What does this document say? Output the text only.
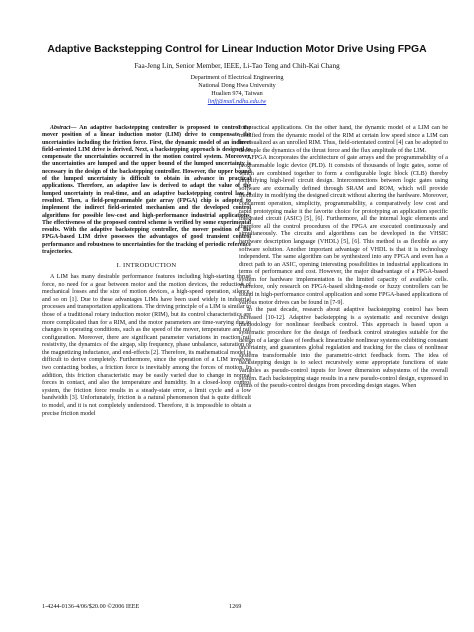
Adaptive Backstepping Control for Linear Induction Motor Drive Using FPGA
Faa-Jeng Lin, Senior Member, IEEE, Li-Tao Teng and Chih-Kai Chang
Department of Electrical Engineering
National Dong Hwa University
Hualien 974, Taiwan
linfj@mail.ndhu.edu.tw

Abstract— An adaptive backstepping controller is proposed to control the mover position of a linear induction motor (LIM) drive to compensate the uncertainties including the friction force. First, the dynamic model of an indirect field-oriented LIM drive is derived. Next, a backstepping approach is designed to compensate the uncertainties occurred in the motion control system. Moreover, the uncertainties are lumped and the upper bound of the lumped uncertainty is necessary in the design of the backstepping controller. However, the upper bound of the lumped uncertainty is difficult to obtain in advance in practical applications. Therefore, an adaptive law is derived to adapt the value of the lumped uncertainty in real-time, and an adaptive backstepping control law is resulted. Then, a field-programmable gate array (FPGA) chip is adopted to implement the indirect field-oriented mechanism and the developed control algorithms for possible low-cost and high-performance industrial applications. The effectiveness of the proposed control scheme is verified by some experimental results. With the adaptive backstepping controller, the mover position of the FPGA-based LIM drive possesses the advantages of good transient control performance and robustness to uncertainties for the tracking of periodic reference trajectories.

I. INTRODUCTION

A LIM has many desirable performance features including high-starting thrust force, no need for a gear between motor and the motion devices, the reduction of mechanical losses and the size of motion devices, a high-speed operation, silence, and so on [1]. Due to these advantages LIMs have been used widely in industrial processes and transportation applications. The driving principle of a LIM is similar to those of a traditional rotary induction motor (RIM), but its control characteristics are more complicated than for a RIM, and the motor parameters are time-varying due to changes in operating conditions, such as the speed of the mover, temperature and rail configuration. Moreover, there are significant parameter variations in reaction rail resistivity, the dynamics of the airgap, slip frequency, phase unbalance, saturation of the magnetizing inductance, and end-effects [2]. Therefore, its mathematical model is difficult to derive completely. Furthermore, since the operation of a LIM involves two contacting bodies, a friction force is inevitably among the forces of motion. In addition, this friction characteristic may be easily varied due to change in normal forces in contact, and also the temperature and humidity. In a closed-loop control system, the friction force results in a steady-state error, a limit cycle and a low bandwidth [3]. Unfortunately, friction is a natural phenomenon that is quite difficult to model, and it is not completely understood. Therefore, it is impossible to obtain a precise friction model

for practical applications. On the other hand, the dynamic model of a LIM can be modified from the dynamic model of the RIM at certain low speed since a LIM can be visualized as an unrolled RIM. Thus, field-orientated control [4] can be adopted to decouple the dynamics of the thrust force and the flux amplitude of the LIM.

AFPGA incorporates the architecture of gate arrays and the programmability of a programmable logic device (PLD). It consists of thousands of logic gates, some of which are combined together to form a configurable logic block (CLB) thereby simplifying high-level circuit design. Interconnections between logic gates using software are externally defined through SRAM and ROM, which will provide flexibility in modifying the designed circuit without altering the hardware. Moreover, concurrent operation, simplicity, programmability, a comparatively low cost and rapid prototyping make it the favorite choice for prototyping an application specific integrated circuit (ASIC) [5], [6]. Furthermore, all the internal logic elements and therefore all the control procedures of the FPGA are executed continuously and simultaneously. The circuits and algorithms can be developed in the VHSIC hardware description language (VHDL) [5], [6]. This method is as flexible as any software solution. Another important advantage of VHDL is that it is technology independent. The same algorithm can be synthesized into any FPGA and even has a direct path to an ASIC, opening interesting possibilities in industrial applications in terms of performance and cost. However, the major disadvantage of a FPGA-based system for hardware implementation is the limited capacity of available cells. Therefore, only research on FPGA-based sliding-mode or fuzzy controllers can be found in high-performance control application and some FPGA-based applications of various motor drives can be found in [7-9].

In the past decade, research about adaptive backstepping control has been increased [10-12]. Adaptive backstepping is a systematic and recursive design methodology for nonlinear feedback control. This approach is based upon a systematic procedure for the design of feedback control strategies suitable for the design of a large class of feedback linearizable nonlinear systems exhibiting constant uncertainty, and guarantees global regulation and tracking for the class of nonlinear systems transformable into the parametric-strict feedback form. The idea of backstepping design is to select recursively some appropriate functions of state variables as pseudo-control inputs for lower dimension subsystems of the overall system. Each backstepping stage results in a new pseudo-control design, expressed in terms of the pseudo-control designs from preceding design stages. When

1-4244-0136-4/06/$20.00 ©2006 IEEE	1269
